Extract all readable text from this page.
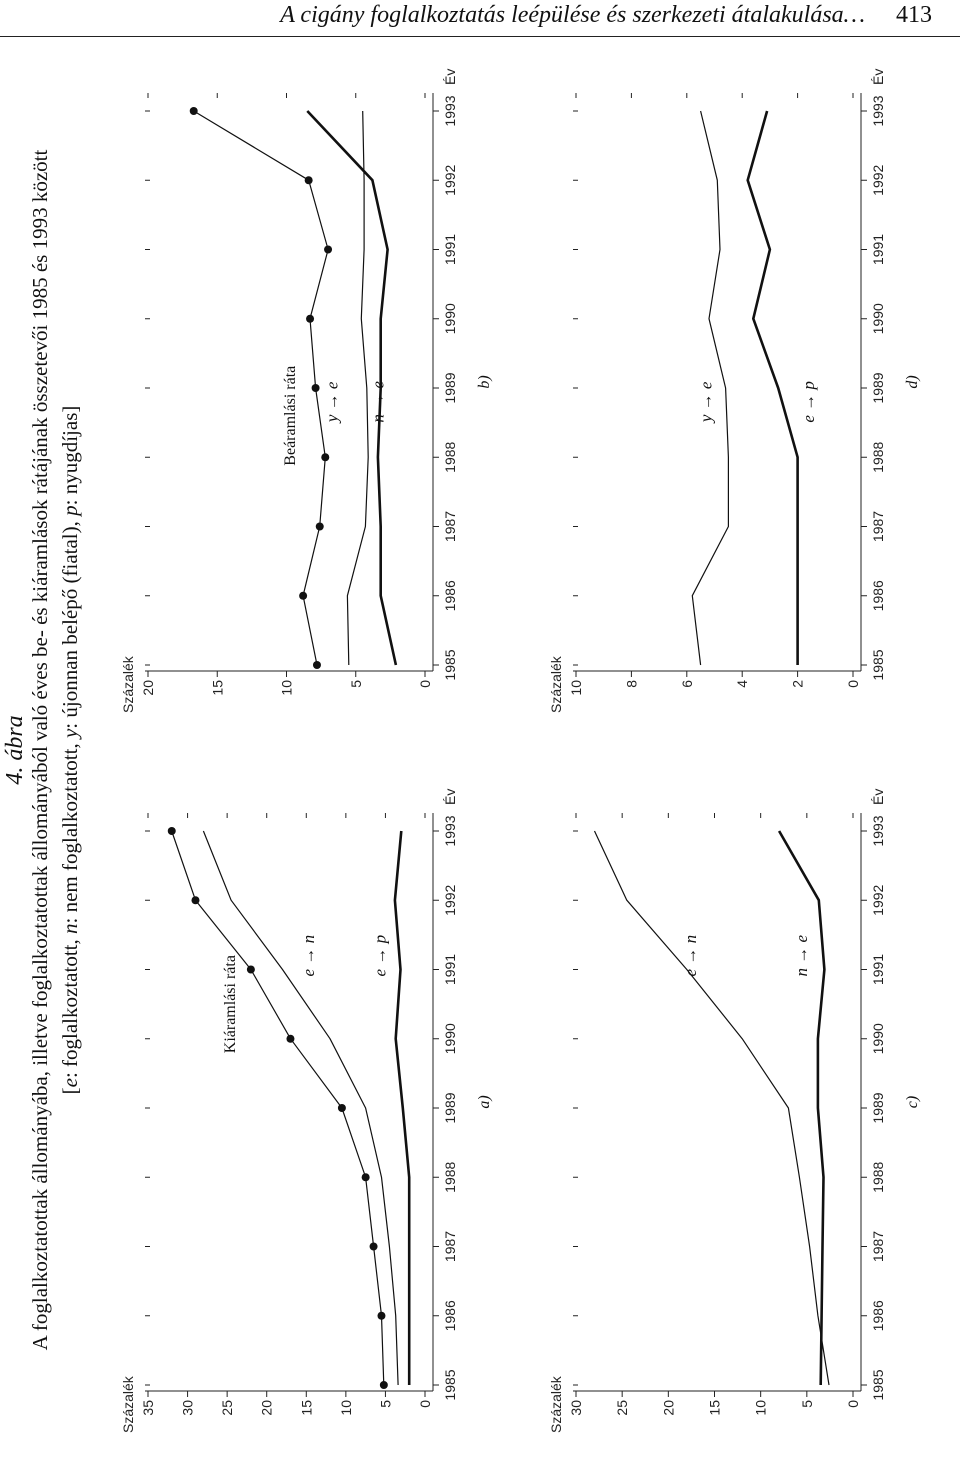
A cigány foglalkoztatás leépülése és szerkezeti átalakulása… 413
4. ábra A foglalkoztatottak állományába, illetve foglalkoztatottak állományából való éves be- és kiáramlások rátájának összetevői 1985 és 1993 között [e: foglalkoztatott, n: nem foglalkoztatott, y: újonnan belépő (fiatal), p: nyugdíjas]
0
5
10
15
20
25
30
35
1985
1986
1987
1988
1989
1990
1991
1992
1993
Százalék
Év
a)
Kiáramlási ráta	e → n	e → p
0
5
10
15
20
1985
1986
1987
1988
1989
1990
1991
1992
1993
Százalék
Év
b)
Beáramlási ráta y → e n → e
0
5
10
15
20
25
30
1985
1986
1987
1988
1989
1990
1991
1992
1993
Százalék
Év
c)
e → n	n → e
0
2
4
6
8
10
1985
1986
1987
1988
1989
1990
1991
1992
1993
Százalék
Év
d)
y → e	e → p
